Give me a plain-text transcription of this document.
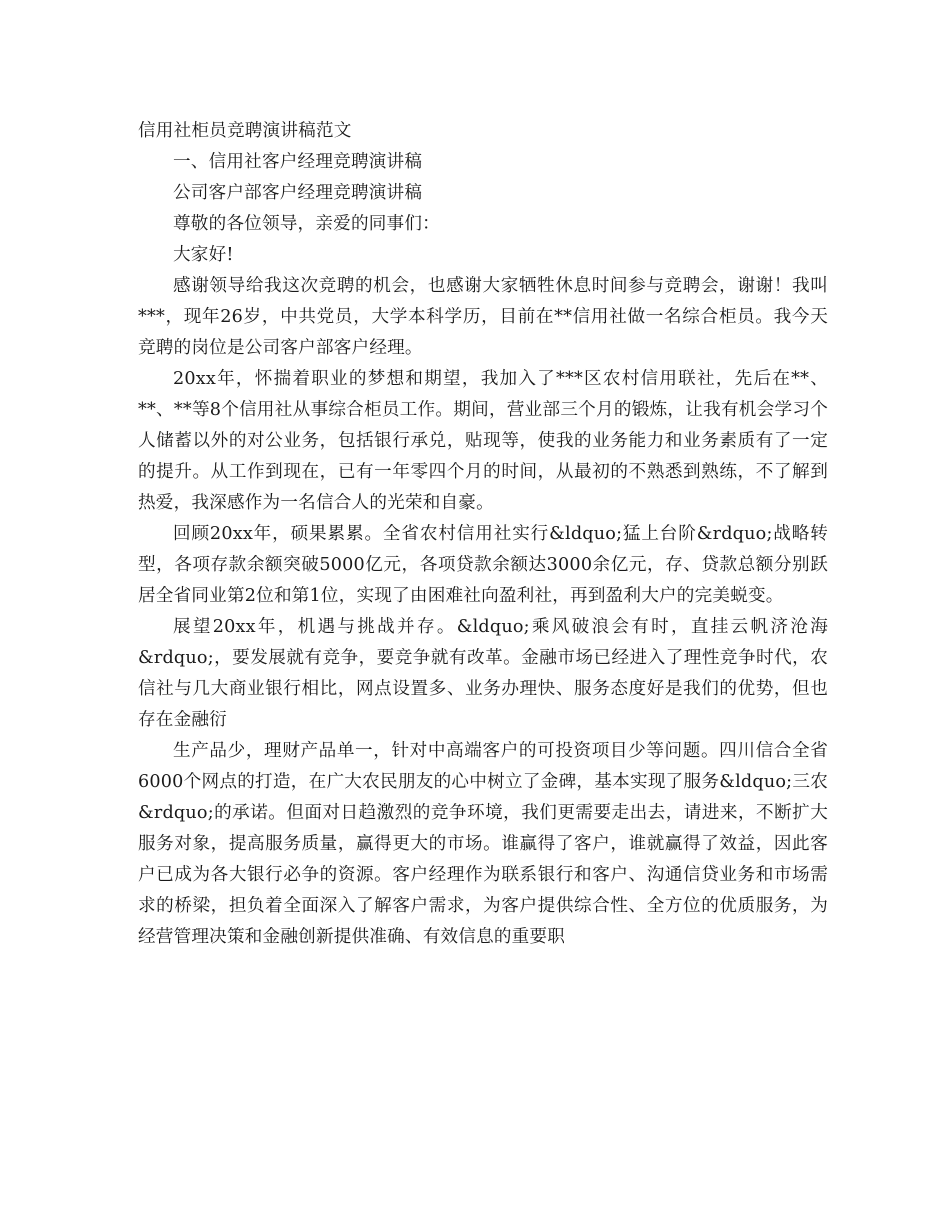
信用社柜员竞聘演讲稿范文

一、信用社客户经理竞聘演讲稿

公司客户部客户经理竞聘演讲稿

尊敬的各位领导，亲爱的同事们：

大家好!

感谢领导给我这次竞聘的机会，也感谢大家牺牲休息时间参与竞聘会，谢谢！我叫***，现年26岁，中共党员，大学本科学历，目前在**信用社做一名综合柜员。我今天竞聘的岗位是公司客户部客户经理。

20xx年，怀揣着职业的梦想和期望，我加入了***区农村信用联社，先后在**、**、**等8个信用社从事综合柜员工作。期间，营业部三个月的锻炼，让我有机会学习个人储蓄以外的对公业务，包括银行承兑，贴现等，使我的业务能力和业务素质有了一定的提升。从工作到现在，已有一年零四个月的时间，从最初的不熟悉到熟练，不了解到热爱，我深感作为一名信合人的光荣和自豪。

回顾20xx年，硕果累累。全省农村信用社实行&ldquo;猛上台阶&rdquo;战略转型，各项存款余额突破5000亿元，各项贷款余额达3000余亿元，存、贷款总额分别跃居全省同业第2位和第1位，实现了由困难社向盈利社，再到盈利大户的完美蜕变。

展望20xx年，机遇与挑战并存。&ldquo;乘风破浪会有时，直挂云帆济沧海&rdquo;，要发展就有竞争，要竞争就有改革。金融市场已经进入了理性竞争时代，农信社与几大商业银行相比，网点设置多、业务办理快、服务态度好是我们的优势，但也存在金融衍

生产品少，理财产品单一，针对中高端客户的可投资项目少等问题。四川信合全省6000个网点的打造，在广大农民朋友的心中树立了金碑，基本实现了服务&ldquo;三农&rdquo;的承诺。但面对日趋激烈的竞争环境，我们更需要走出去，请进来，不断扩大服务对象，提高服务质量，赢得更大的市场。谁赢得了客户，谁就赢得了效益，因此客户已成为各大银行必争的资源。客户经理作为联系银行和客户、沟通信贷业务和市场需求的桥梁，担负着全面深入了解客户需求，为客户提供综合性、全方位的优质服务，为经营管理决策和金融创新提供准确、有效信息的重要职
